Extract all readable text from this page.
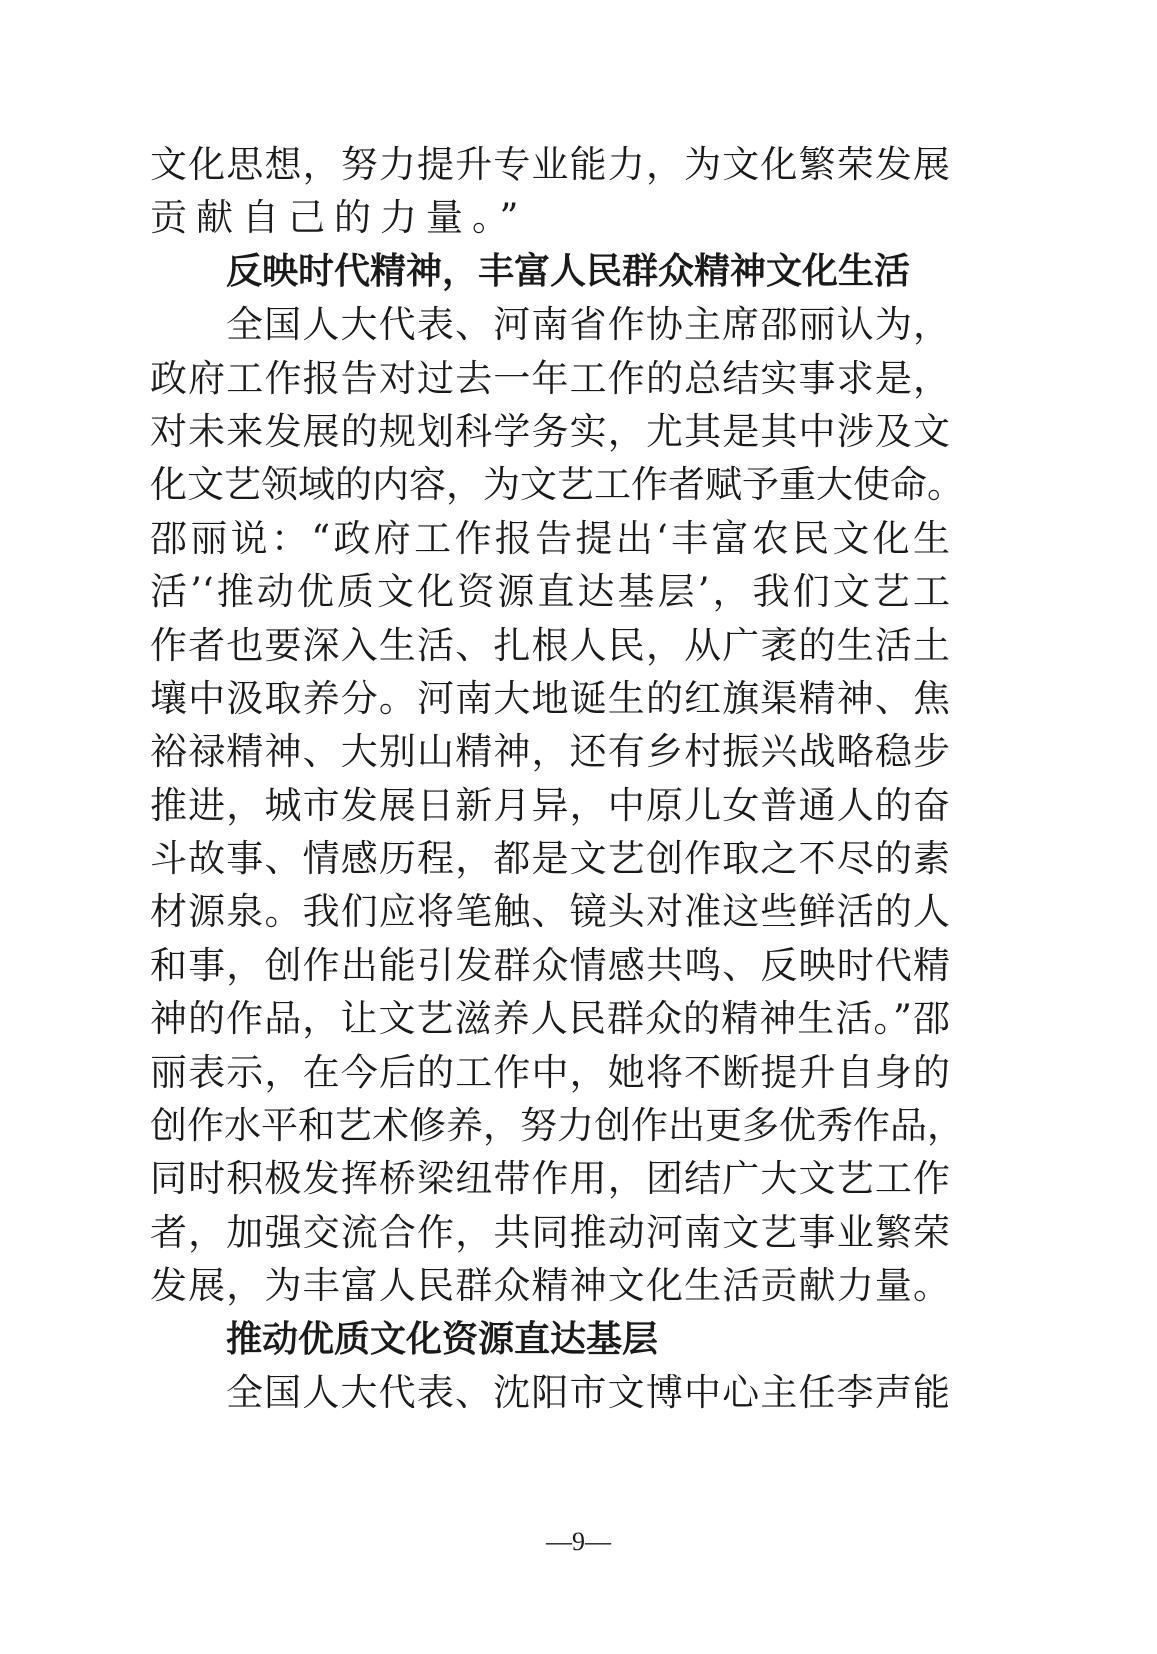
文化思想，努力提升专业能力，为文化繁荣发展
贡献自己的力量。”
反映时代精神，丰富人民群众精神文化生活
全国人大代表、河南省作协主席邵丽认为，
政府工作报告对过去一年工作的总结实事求是，
对未来发展的规划科学务实，尤其是其中涉及文
化文艺领域的内容，为文艺工作者赋予重大使命。
邵丽说：“政府工作报告提出‘丰富农民文化生
活’‘推动优质文化资源直达基层’，我们文艺工
作者也要深入生活、扎根人民，从广袤的生活土
壤中汲取养分。河南大地诞生的红旗渠精神、焦
裕禄精神、大别山精神，还有乡村振兴战略稳步
推进，城市发展日新月异，中原儿女普通人的奋
斗故事、情感历程，都是文艺创作取之不尽的素
材源泉。我们应将笔触、镜头对准这些鲜活的人
和事，创作出能引发群众情感共鸣、反映时代精
神的作品，让文艺滋养人民群众的精神生活。”邵
丽表示，在今后的工作中，她将不断提升自身的
创作水平和艺术修养，努力创作出更多优秀作品，
同时积极发挥桥梁纽带作用，团结广大文艺工作
者，加强交流合作，共同推动河南文艺事业繁荣
发展，为丰富人民群众精神文化生活贡献力量。
推动优质文化资源直达基层
全国人大代表、沈阳市文博中心主任李声能
—9—
